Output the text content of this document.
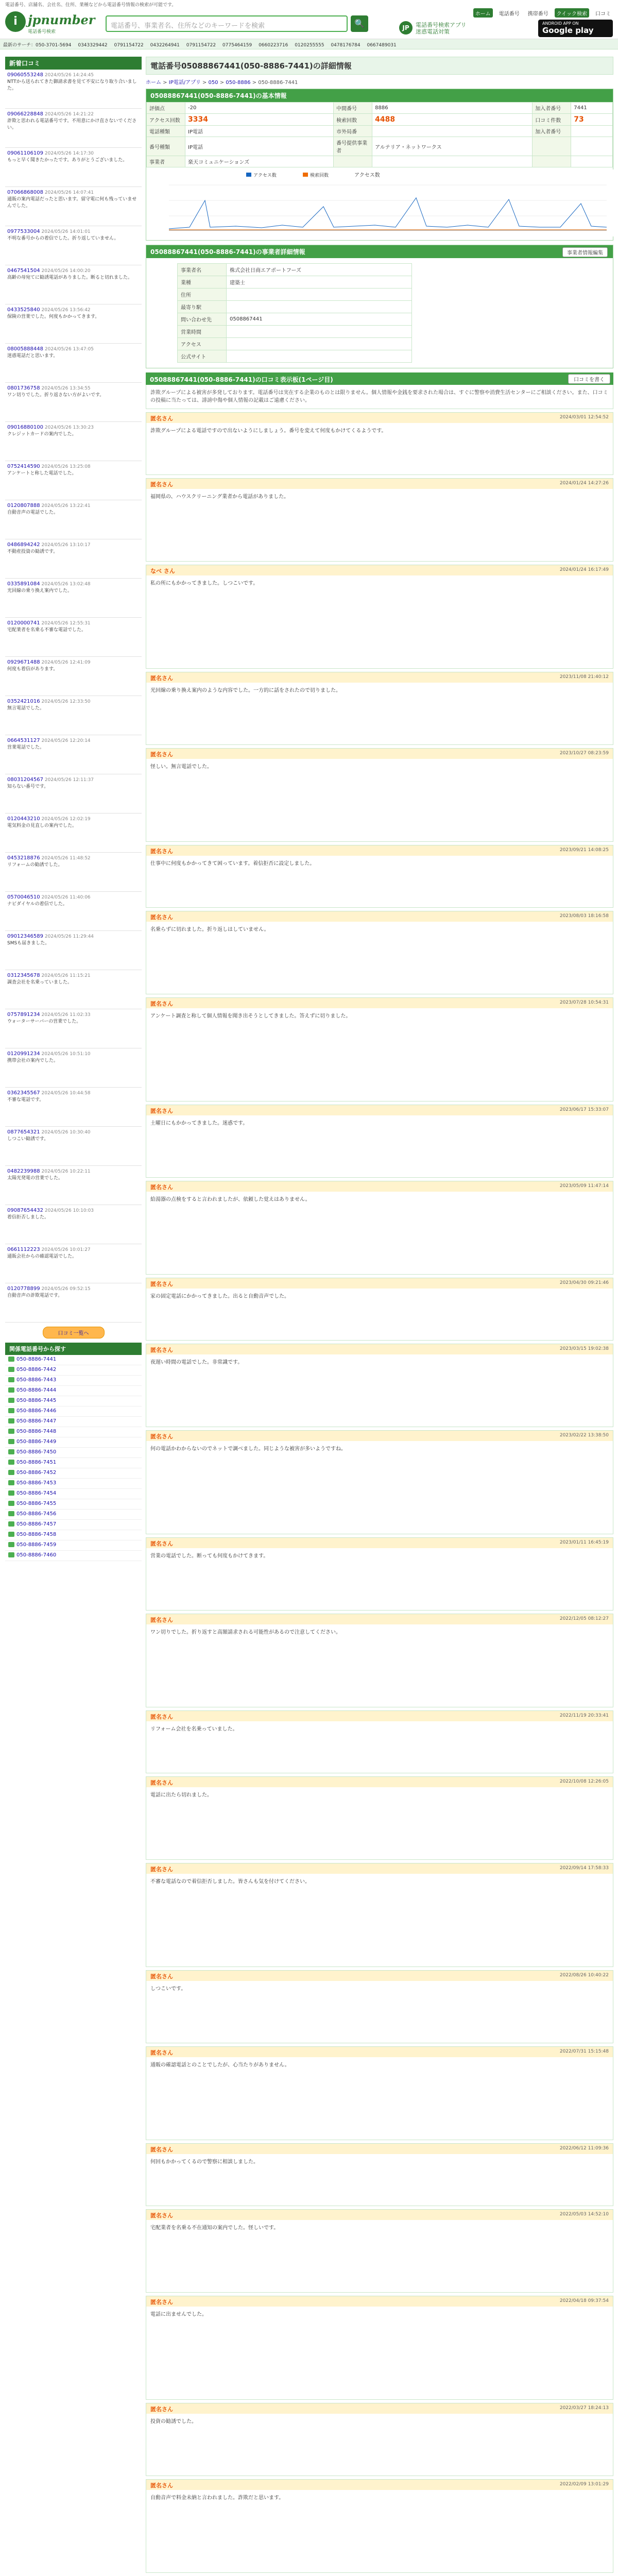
電話番号、店舗名、会社名、住所、業種などから電話番号情報の検索が可能です。
i jpnumber
電話番号検索
電話番号、事業者名、住所などのキーワードを検索	🔍
ホーム	電話番号	携帯番号	クイック検索	口コミ
JP	電話番号検索アプリ
迷惑電話対策
ANDROID APP ON
Google play
最新のサーチ：050-3701-5694 0343329442 0791154722 0432264941 0791154722 0775464159 0660223716 0120255555 0478176784 0667489031
新着口コミ
09060553248 2024/05/26 14:24:45
NTTから送られてきた御請求書を見て不安になり取り合いました。
09066228848 2024/05/26 14:21:22
詐欺と思われる電話番号です。不用意にかけ直さないでください。
09061106109 2024/05/26 14:17:30
もっと早く聞きたかったです。ありがとうございました。
07066868008 2024/05/26 14:07:41
通販の案内電話だったと思います。留守電に何も残っていませんでした。
0977533004 2024/05/26 14:01:01
不明な番号からの着信でした。折り返していません。
0467541504 2024/05/26 14:00:20
高齢の母宛てに勧誘電話がありました。断ると切れました。
0433525840 2024/05/26 13:56:42
保険の営業でした。何度もかかってきます。
08005888448 2024/05/26 13:47:05
迷惑電話だと思います。
0801736758 2024/05/26 13:34:55
ワン切りでした。折り返さない方がよいです。
09016880100 2024/05/26 13:30:23
クレジットカードの案内でした。
0752414590 2024/05/26 13:25:08
アンケートと称した電話でした。
0120807888 2024/05/26 13:22:41
自動音声の電話でした。
0486894242 2024/05/26 13:10:17
不動産投資の勧誘です。
0335891084 2024/05/26 13:02:48
光回線の乗り換え案内でした。
0120000741 2024/05/26 12:55:31
宅配業者を名乗る不審な電話でした。
0929671488 2024/05/26 12:41:09
何度も着信があります。
0352421016 2024/05/26 12:33:50
無言電話でした。
0664531127 2024/05/26 12:20:14
営業電話でした。
08031204567 2024/05/26 12:11:37
知らない番号です。
0120443210 2024/05/26 12:02:19
電気料金の見直しの案内でした。
0453218876 2024/05/26 11:48:52
リフォームの勧誘でした。
0570046510 2024/05/26 11:40:06
ナビダイヤルの着信でした。
09012346589 2024/05/26 11:29:44
SMSも届きました。
0312345678 2024/05/26 11:15:21
調査会社を名乗っていました。
0757891234 2024/05/26 11:02:33
ウォーターサーバーの営業でした。
0120991234 2024/05/26 10:51:10
携帯会社の案内でした。
0362345567 2024/05/26 10:44:58
不審な電話です。
0877654321 2024/05/26 10:30:40
しつこい勧誘です。
0482239988 2024/05/26 10:22:11
太陽光発電の営業でした。
09087654432 2024/05/26 10:10:03
着信拒否しました。
0661112223 2024/05/26 10:01:27
通販会社からの確認電話でした。
0120778899 2024/05/26 09:52:15
自動音声の詐欺電話です。
口コミ一覧へ
関係電話番号から探す
050-8886-7441
050-8886-7442
050-8886-7443
050-8886-7444
050-8886-7445
050-8886-7446
050-8886-7447
050-8886-7448
050-8886-7449
050-8886-7450
050-8886-7451
050-8886-7452
050-8886-7453
050-8886-7454
050-8886-7455
050-8886-7456
050-8886-7457
050-8886-7458
050-8886-7459
050-8886-7460
電話番号05088867441(050-8886-7441)の詳細情報
ホーム > IP電話/アプリ > 050 > 050-8886 > 050-8886-7441
05088867441(050-8886-7441)の基本情報
評価点	-20	中間番号	8886	加入者番号	7441
アクセス回数	3334	検索回数	4488	口コミ件数	73
電話種類	IP電話	市外局番		加入者番号	
番号種類	IP電話	番号提供事業者	アルテリア・ネットワークス		
事業者	楽天コミュニケーションズ				
アクセス数	検索回数	アクセス数
05088867441(050-8886-7441)の事業者詳細情報	事業者情報編集
事業者名	株式会社日商エアポートフーズ
業種	建築士
住所	
最寄り駅	
問い合わせ先	0508867441
営業時間	
アクセス	
公式サイト	
05088867441(050-8886-7441)の口コミ表示板(1ページ目)	口コミを書く
詐欺グループによる被害が多発しております。電話番号は実在する企業のものとは限りません。個人情報や金銭を要求された場合は、すぐに警察や消費生活センターにご相談ください。また、口コミの投稿に当たっては、誹謗中傷や個人情報の記載はご遠慮ください。
匿名さん	2024/03/01 12:54:52
詐欺グループによる電話ですので出ないようにしましょう。番号を変えて何度もかけてくるようです。
匿名さん	2024/01/24 14:27:26
福岡県の、ハウスクリーニング業者から電話がありました。
なべ さん	2024/01/24 16:17:49
私の所にもかかってきました。しつこいです。
匿名さん	2023/11/08 21:40:12
光回線の乗り換え案内のような内容でした。一方的に話をされたので切りました。
匿名さん	2023/10/27 08:23:59
怪しい。無言電話でした。
匿名さん	2023/09/21 14:08:25
仕事中に何度もかかってきて困っています。着信拒否に設定しました。
匿名さん	2023/08/03 18:16:58
名乗らずに切れました。折り返しはしていません。
匿名さん	2023/07/28 10:54:31
アンケート調査と称して個人情報を聞き出そうとしてきました。答えずに切りました。
匿名さん	2023/06/17 15:33:07
土曜日にもかかってきました。迷惑です。
匿名さん	2023/05/09 11:47:14
給湯器の点検をすると言われましたが、依頼した覚えはありません。
匿名さん	2023/04/30 09:21:46
家の固定電話にかかってきました。出ると自動音声でした。
匿名さん	2023/03/15 19:02:38
夜遅い時間の電話でした。非常識です。
匿名さん	2023/02/22 13:38:50
何の電話かわからないのでネットで調べました。同じような被害が多いようですね。
匿名さん	2023/01/11 16:45:19
営業の電話でした。断っても何度もかけてきます。
匿名さん	2022/12/05 08:12:27
ワン切りでした。折り返すと高額請求される可能性があるので注意してください。
匿名さん	2022/11/19 20:33:41
リフォーム会社を名乗っていました。
匿名さん	2022/10/08 12:26:05
電話に出たら切れました。
匿名さん	2022/09/14 17:58:33
不審な電話なので着信拒否しました。皆さんも気を付けてください。
匿名さん	2022/08/26 10:40:22
しつこいです。
匿名さん	2022/07/31 15:15:48
通販の確認電話とのことでしたが、心当たりがありません。
匿名さん	2022/06/12 11:09:36
何回もかかってくるので警察に相談しました。
匿名さん	2022/05/03 14:52:10
宅配業者を名乗る不在通知の案内でした。怪しいです。
匿名さん	2022/04/18 09:37:54
電話に出ませんでした。
匿名さん	2022/03/27 18:24:13
投資の勧誘でした。
匿名さん	2022/02/09 13:01:29
自動音声で料金未納と言われました。詐欺だと思います。
